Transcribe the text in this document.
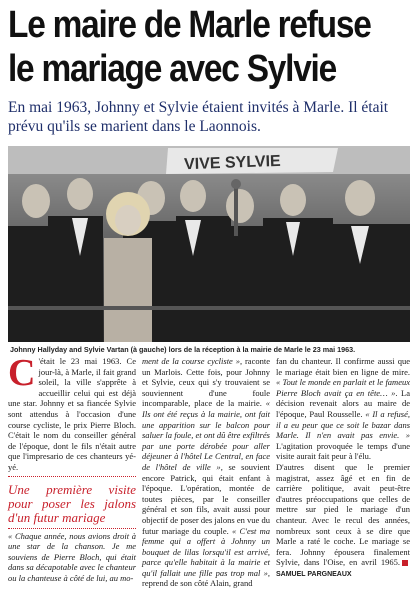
Le maire de Marle refuse
le mariage avec Sylvie
En mai 1963, Johnny et Sylvie étaient invités à Marle. Il était prévu qu'ils se marient dans le Laonnois.
VIVE SYLVIE
Johnny Hallyday and Sylvie Vartan (à gauche) lors de la réception à la mairie de Marle le 23 mai 1963.

C 'était le 23 mai 1963. Ce jour-là, à Marle, il fait grand soleil, la ville s'apprête à accueillir celui qui est déjà une star. Johnny et sa fiancée Sylvie sont attendus à l'occasion d'une course cycliste, le prix Pierre Bloch. C'était le nom du conseiller général de l'époque, dont le fils n'était autre que l'impresario de ces chanteurs yé-yé.

Une première visite pour poser les jalons d'un futur mariage

« Chaque année, nous avions droit à une star de la chanson. Je me souviens de Pierre Bloch, qui était dans sa décapotable avec le chanteur ou la chanteuse à côté de lui, au mo-

ment de la course cycliste », raconte un Marlois. Cette fois, pour Johnny et Sylvie, ceux qui s'y trouvaient se souviennent d'une foule incomparable, place de la mairie. « Ils ont été reçus à la mairie, ont fait une apparition sur le balcon pour saluer la foule, et ont dû être exfiltrés par une porte dérobée pour aller déjeuner à l'hôtel Le Central, en face de l'hôtel de ville », se souvient encore Patrick, qui était enfant à l'époque. L'opération, montée de toutes pièces, par le conseiller général et son fils, avait aussi pour objectif de poser des jalons en vue du futur mariage du couple. « C'est ma femme qui a offert à Johnny un bouquet de lilas lorsqu'il est arrivé, parce qu'elle habitait à la mairie et qu'il fallait une fille pas trop mal », reprend de son côté Alain, grand

fan du chanteur. Il confirme aussi que le mariage était bien en ligne de mire. « Tout le monde en parlait et le fameux Pierre Bloch avait ça en tête… ». La décision revenait alors au maire de l'époque, Paul Rousselle. « Il a refusé, il a eu peur que ce soit le bazar dans Marle. Il n'en avait pas envie. » L'agitation provoquée le temps d'une visite aurait fait peur à l'élu.

D'autres disent que le premier magistrat, assez âgé et en fin de carrière politique, avait peut-être d'autres préoccupations que celles de mettre sur pied le mariage d'un chanteur. Avec le recul des années, nombreux sont ceux à se dire que Marle a raté le coche. Le mariage se fera. Johnny épousera finalement Sylvie, dans l'Oise, en avril 1965.SAMUEL PARGNEAUX
